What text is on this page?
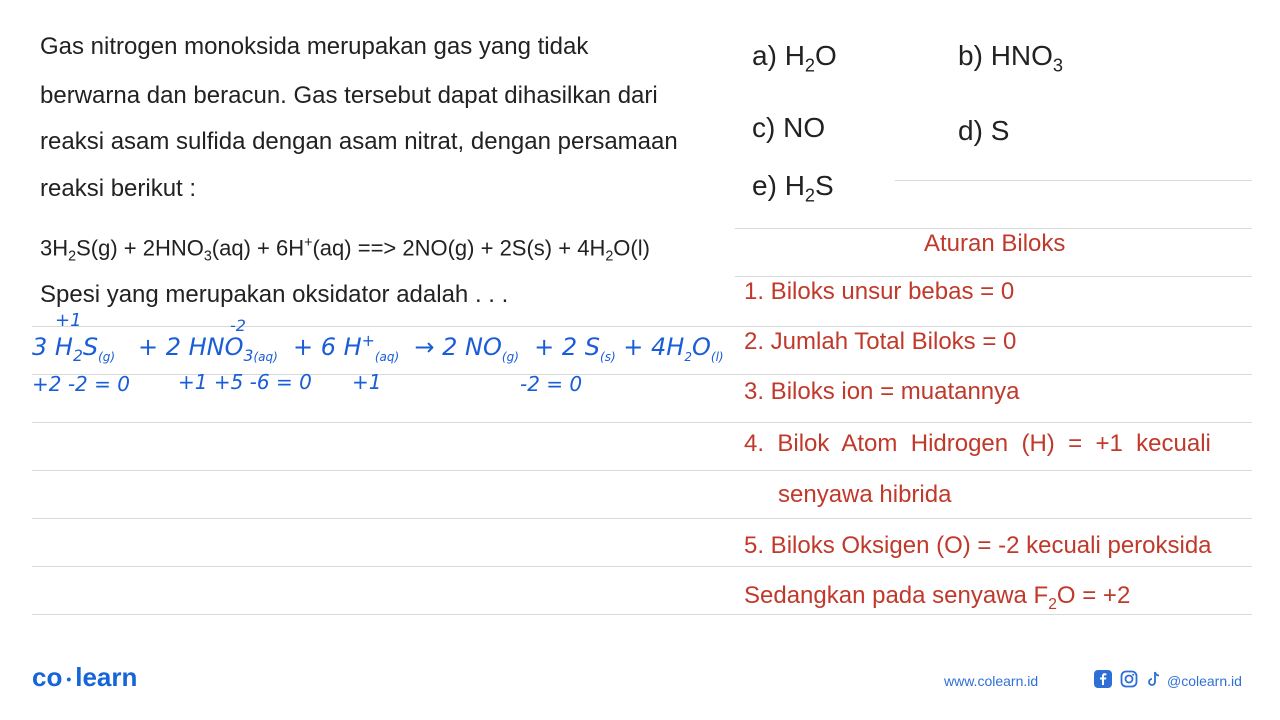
Gas nitrogen monoksida merupakan gas yang tidak
berwarna dan beracun. Gas tersebut dapat dihasilkan dari
reaksi asam sulfida dengan asam nitrat, dengan persamaan
reaksi berikut :
$3H_2S(g) + 2HNO_3(aq) + 6H^+(aq)$ ==> $2NO(g) + 2S(s) + 4H_2O(l)$
Spesi yang merupakan oksidator adalah . . .
a) $H_2O$	b) $HNO_3$
c) NO	d) S
e) $H_2S$
Aturan Biloks
1. Biloks unsur bebas = 0
2. Jumlah Total Biloks = 0
3. Biloks ion = muatannya
4.  Bilok  Atom  Hidrogen  (H)  =  +1  kecuali
senyawa hibrida
5. Biloks Oksigen (O) = -2 kecuali peroksida
Sedangkan pada senyawa $F_2O = +2$
+1	-2
3 $H_2S_{(g)} + 2$ $HNO_{3(aq)} + 6$ $H^+_{(aq)} \to 2$ $NO_{(g)} + 2$ $S_{(s)} + 4H_2O_{(l)}$
+2 -2 = 0 +1 +5 -6 = 0 +1	-2 = 0
co • learn	www.colearn.id	@colearn.id
